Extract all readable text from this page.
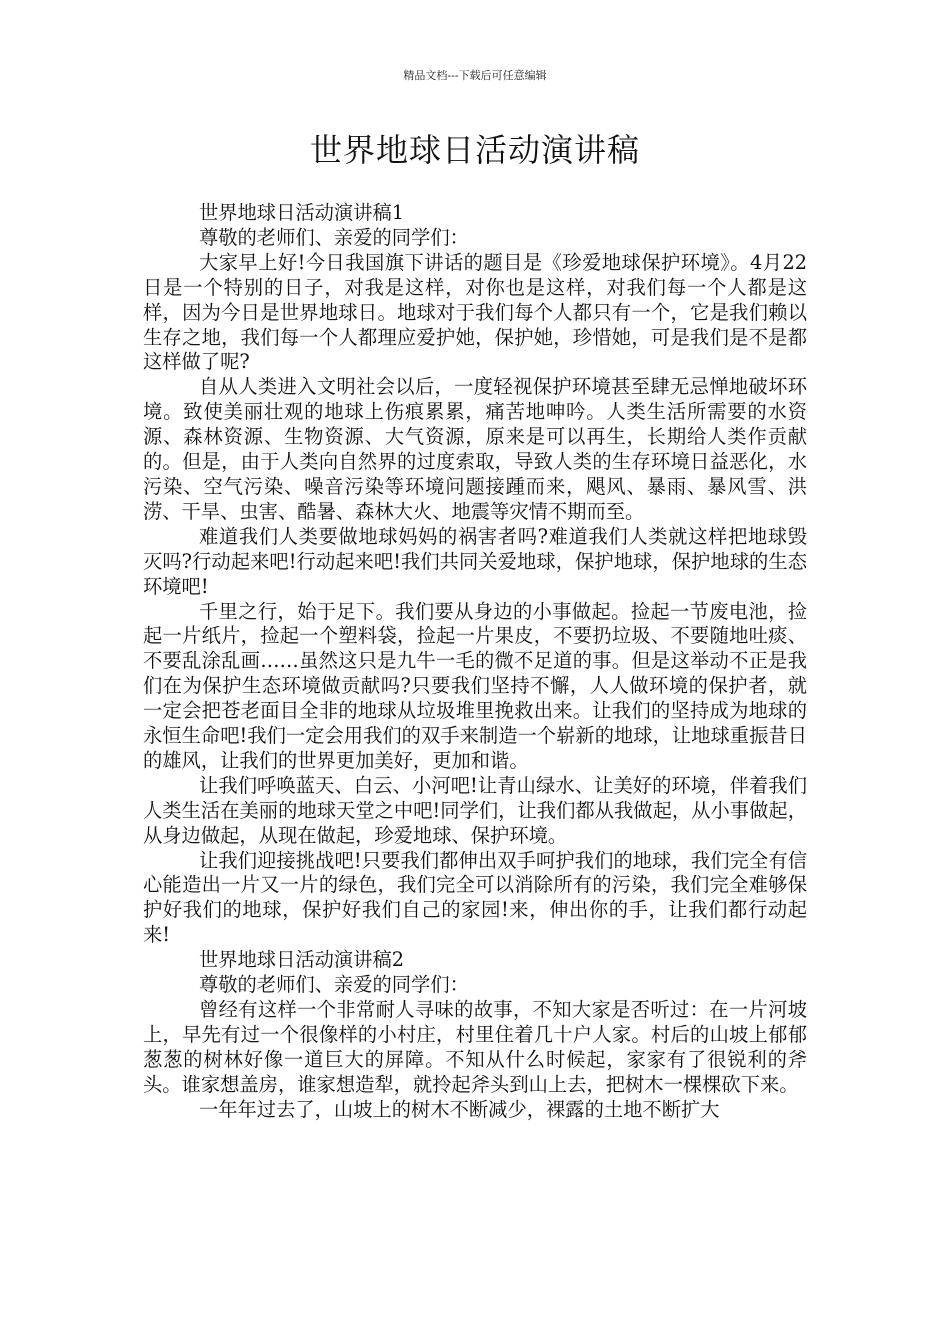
精品文档---下载后可任意编辑
世界地球日活动演讲稿

世界地球日活动演讲稿1

尊敬的老师们、亲爱的同学们：

大家早上好!今日我国旗下讲话的题目是《珍爱地球保护环境》。4月22日是一个特别的日子，对我是这样，对你也是这样，对我们每一个人都是这样，因为今日是世界地球日。地球对于我们每个人都只有一个，它是我们赖以生存之地，我们每一个人都理应爱护她，保护她，珍惜她，可是我们是不是都这样做了呢?

自从人类进入文明社会以后，一度轻视保护环境甚至肆无忌惮地破坏环境。致使美丽壮观的地球上伤痕累累，痛苦地呻吟。人类生活所需要的水资源、森林资源、生物资源、大气资源，原来是可以再生，长期给人类作贡献的。但是，由于人类向自然界的过度索取，导致人类的生存环境日益恶化，水污染、空气污染、噪音污染等环境问题接踵而来，飓风、暴雨、暴风雪、洪涝、干旱、虫害、酷暑、森林大火、地震等灾情不期而至。

难道我们人类要做地球妈妈的祸害者吗?难道我们人类就这样把地球毁灭吗?行动起来吧!行动起来吧!我们共同关爱地球，保护地球，保护地球的生态环境吧!

千里之行，始于足下。我们要从身边的小事做起。捡起一节废电池，捡起一片纸片，捡起一个塑料袋，捡起一片果皮，不要扔垃圾、不要随地吐痰、不要乱涂乱画……虽然这只是九牛一毛的微不足道的事。但是这举动不正是我们在为保护生态环境做贡献吗?只要我们坚持不懈，人人做环境的保护者，就一定会把苍老面目全非的地球从垃圾堆里挽救出来。让我们的坚持成为地球的永恒生命吧!我们一定会用我们的双手来制造一个崭新的地球，让地球重振昔日的雄风，让我们的世界更加美好，更加和谐。

让我们呼唤蓝天、白云、小河吧!让青山绿水、让美好的环境，伴着我们人类生活在美丽的地球天堂之中吧!同学们，让我们都从我做起，从小事做起，从身边做起，从现在做起，珍爱地球、保护环境。

让我们迎接挑战吧!只要我们都伸出双手呵护我们的地球，我们完全有信心能造出一片又一片的绿色，我们完全可以消除所有的污染，我们完全难够保护好我们的地球，保护好我们自己的家园!来，伸出你的手，让我们都行动起来!

世界地球日活动演讲稿2

尊敬的老师们、亲爱的同学们：

曾经有这样一个非常耐人寻味的故事，不知大家是否听过：在一片河坡上，早先有过一个很像样的小村庄，村里住着几十户人家。村后的山坡上郁郁葱葱的树林好像一道巨大的屏障。不知从什么时候起，家家有了很锐利的斧头。谁家想盖房，谁家想造犁，就拎起斧头到山上去，把树木一棵棵砍下来。

一年年过去了，山坡上的树木不断减少，裸露的土地不断扩大
